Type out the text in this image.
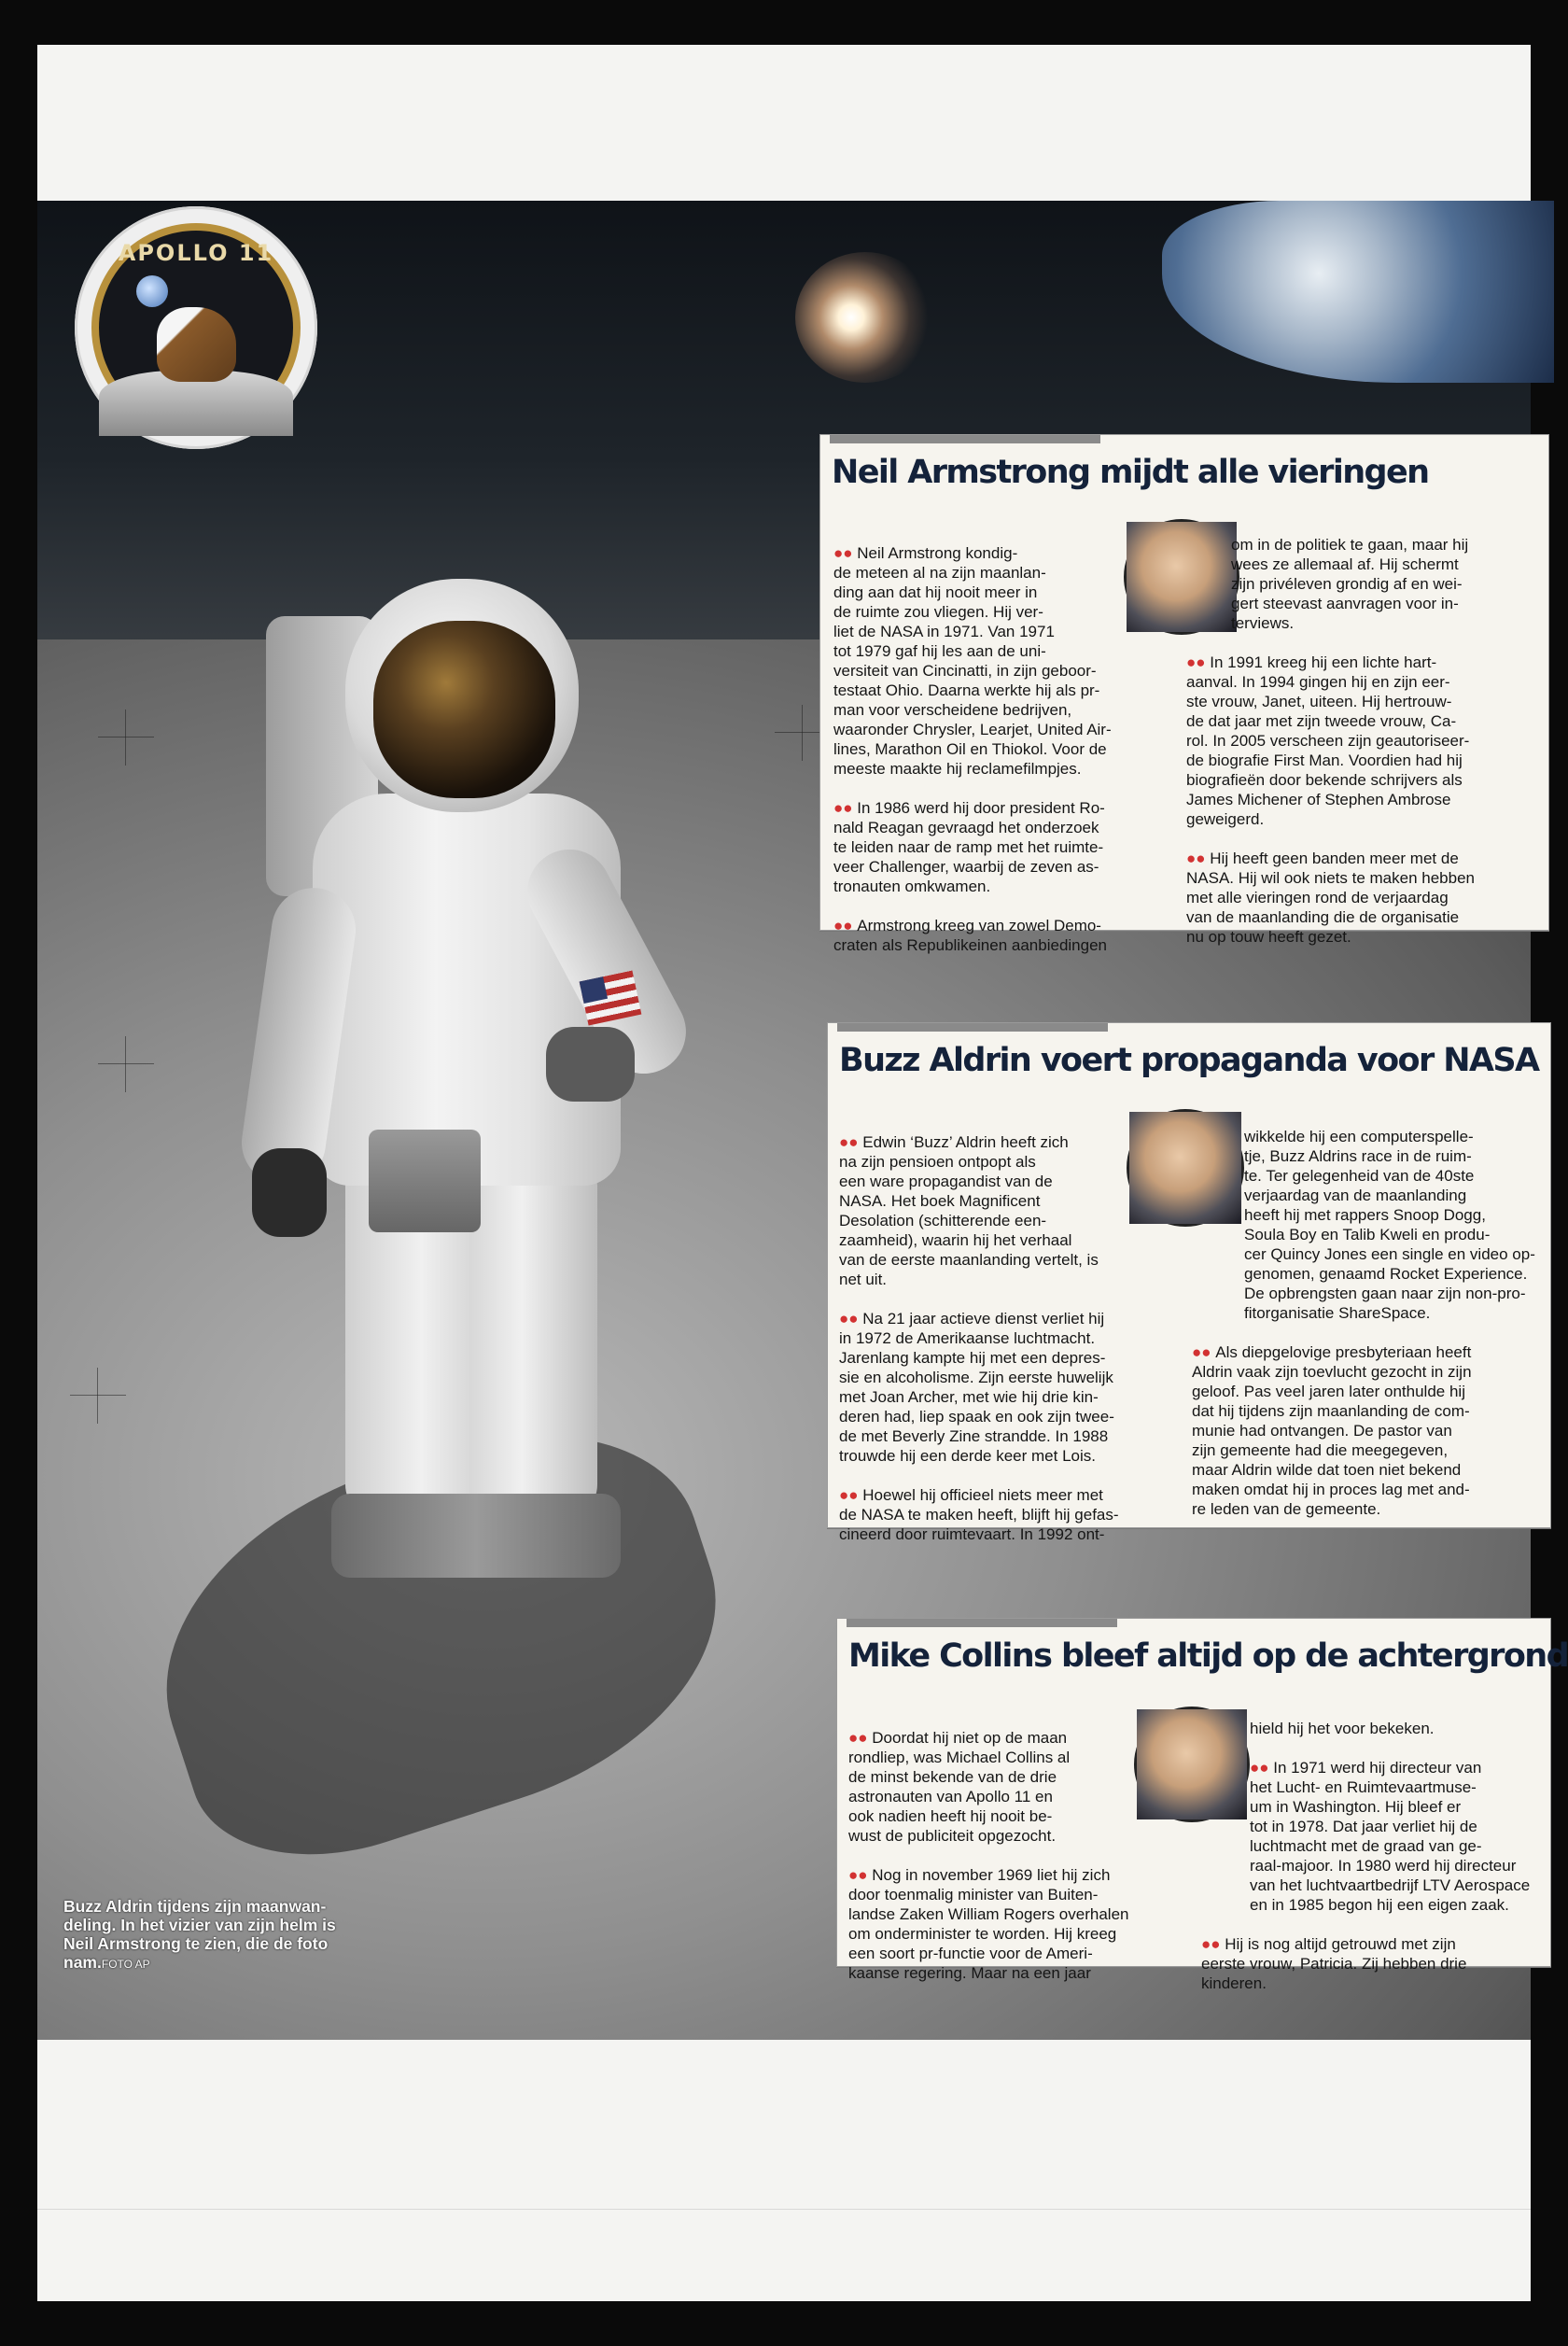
APOLLO 11
Neil Armstrong mijdt alle vieringen

●● Neil Armstrong kondig-
de meteen al na zijn maanlan-
ding aan dat hij nooit meer in
de ruimte zou vliegen. Hij ver-
liet de NASA in 1971. Van 1971
tot 1979 gaf hij les aan de uni-
versiteit van Cincinatti, in zijn geboor-
testaat Ohio. Daarna werkte hij als pr-
man voor verscheidene bedrijven,
waaronder Chrysler, Learjet, United Air-
lines, Marathon Oil en Thiokol. Voor de
meeste maakte hij reclamefilmpjes.

●● In 1986 werd hij door president Ro-
nald Reagan gevraagd het onderzoek
te leiden naar de ramp met het ruimte-
veer Challenger, waarbij de zeven as-
tronauten omkwamen.

●● Armstrong kreeg van zowel Demo-
craten als Republikeinen aanbiedingen

om in de politiek te gaan, maar hij
wees ze allemaal af. Hij schermt
zijn privéleven grondig af en wei-
gert steevast aanvragen voor in-
terviews.

●● In 1991 kreeg hij een lichte hart-
aanval. In 1994 gingen hij en zijn eer-
ste vrouw, Janet, uiteen. Hij hertrouw-
de dat jaar met zijn tweede vrouw, Ca-
rol. In 2005 verscheen zijn geautoriseer-
de biografie First Man. Voordien had hij
biografieën door bekende schrijvers als
James Michener of Stephen Ambrose
geweigerd.

●● Hij heeft geen banden meer met de
NASA. Hij wil ook niets te maken hebben
met alle vieringen rond de verjaardag
van de maanlanding die de organisatie
nu op touw heeft gezet.

Buzz Aldrin voert propaganda voor NASA

●● Edwin ‘Buzz’ Aldrin heeft zich
na zijn pensioen ontpopt als
een ware propagandist van de
NASA. Het boek Magnificent
Desolation (schitterende een-
zaamheid), waarin hij het verhaal
van de eerste maanlanding vertelt, is
net uit.

●● Na 21 jaar actieve dienst verliet hij
in 1972 de Amerikaanse luchtmacht.
Jarenlang kampte hij met een depres-
sie en alcoholisme. Zijn eerste huwelijk
met Joan Archer, met wie hij drie kin-
deren had, liep spaak en ook zijn twee-
de met Beverly Zine strandde. In 1988
trouwde hij een derde keer met Lois.

●● Hoewel hij officieel niets meer met
de NASA te maken heeft, blijft hij gefas-
cineerd door ruimtevaart. In 1992 ont-

wikkelde hij een computerspelle-
tje, Buzz Aldrins race in de ruim-
te. Ter gelegenheid van de 40ste
verjaardag van de maanlanding
heeft hij met rappers Snoop Dogg,
Soula Boy en Talib Kweli en produ-
cer Quincy Jones een single en video op-
genomen, genaamd Rocket Experience.
De opbrengsten gaan naar zijn non-pro-
fitorganisatie ShareSpace.

●● Als diepgelovige presbyteriaan heeft
Aldrin vaak zijn toevlucht gezocht in zijn
geloof. Pas veel jaren later onthulde hij
dat hij tijdens zijn maanlanding de com-
munie had ontvangen. De pastor van
zijn gemeente had die meegegeven,
maar Aldrin wilde dat toen niet bekend
maken omdat hij in proces lag met and-
re leden van de gemeente.

Mike Collins bleef altijd op de achtergrond

●● Doordat hij niet op de maan
rondliep, was Michael Collins al
de minst bekende van de drie
astronauten van Apollo 11 en
ook nadien heeft hij nooit be-
wust de publiciteit opgezocht.

●● Nog in november 1969 liet hij zich
door toenmalig minister van Buiten-
landse Zaken William Rogers overhalen
om onderminister te worden. Hij kreeg
een soort pr-functie voor de Ameri-
kaanse regering. Maar na een jaar

hield hij het voor bekeken.

●● In 1971 werd hij directeur van
het Lucht- en Ruimtevaartmuse-
um in Washington. Hij bleef er
tot in 1978. Dat jaar verliet hij de
luchtmacht met de graad van ge-
raal-majoor. In 1980 werd hij directeur
van het luchtvaartbedrijf LTV Aerospace
en in 1985 begon hij een eigen zaak.

●● Hij is nog altijd getrouwd met zijn
eerste vrouw, Patricia. Zij hebben drie
kinderen.

Buzz Aldrin tijdens zijn maanwan-
deling. In het vizier van zijn helm is
Neil Armstrong te zien, die de foto
nam.FOTO AP
